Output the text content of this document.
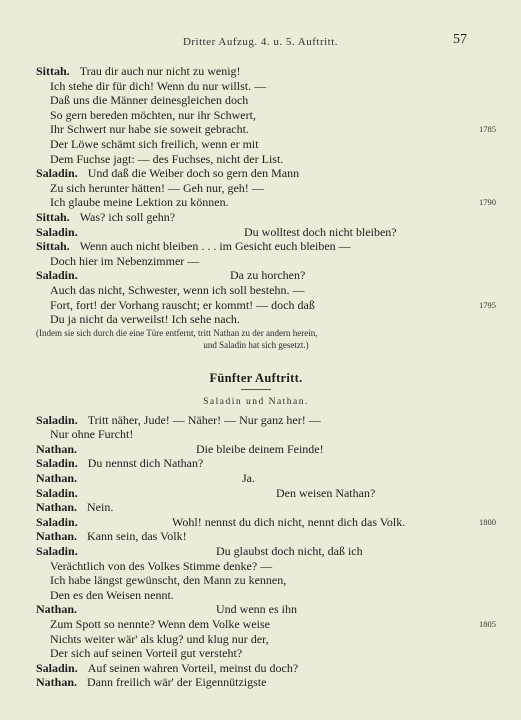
Dritter Aufzug. 4. u. 5. Auftritt.	57
Sittah. Trau dir auch nur nicht zu wenig!
Ich stehe dir für dich! Wenn du nur willst. —
Daß uns die Männer deinesgleichen doch
So gern bereden möchten, nur ihr Schwert,
Ihr Schwert nur habe sie soweit gebracht.	1785
Der Löwe schämt sich freilich, wenn er mit
Dem Fuchse jagt: — des Fuchses, nicht der List.
Saladin. Und daß die Weiber doch so gern den Mann
Zu sich herunter hätten! — Geh nur, geh! —
Ich glaube meine Lektion zu können.	1790
Sittah. Was? ich soll gehn?
Saladin.	Du wolltest doch nicht bleiben?
Sittah. Wenn auch nicht bleiben . . . im Gesicht euch bleiben —
Doch hier im Nebenzimmer —
Saladin.	Da zu horchen?
Auch das nicht, Schwester, wenn ich soll bestehn. —
Fort, fort! der Vorhang rauscht; er kommt! — doch daß	1795
Du ja nicht da verweilst! Ich sehe nach.
(Indem sie sich durch die eine Türe entfernt, tritt Nathan zu der andern herein,
und Saladin hat sich gesetzt.)
Fünfter Auftritt.
Saladin und Nathan.
Saladin. Tritt näher, Jude! — Näher! — Nur ganz her! —
Nur ohne Furcht!
Nathan.	Die bleibe deinem Feinde!
Saladin. Du nennst dich Nathan?
Nathan.	Ja.
Saladin.	Den weisen Nathan?
Nathan. Nein.
Saladin.	Wohl! nennst du dich nicht, nennt dich das Volk.	1800
Nathan. Kann sein, das Volk!
Saladin.	Du glaubst doch nicht, daß ich
Verächtlich von des Volkes Stimme denke? —
Ich habe längst gewünscht, den Mann zu kennen,
Den es den Weisen nennt.
Nathan.	Und wenn es ihn
Zum Spott so nennte? Wenn dem Volke weise	1805
Nichts weiter wär' als klug? und klug nur der,
Der sich auf seinen Vorteil gut versteht?
Saladin. Auf seinen wahren Vorteil, meinst du doch?
Nathan. Dann freilich wär' der Eigennützigste
